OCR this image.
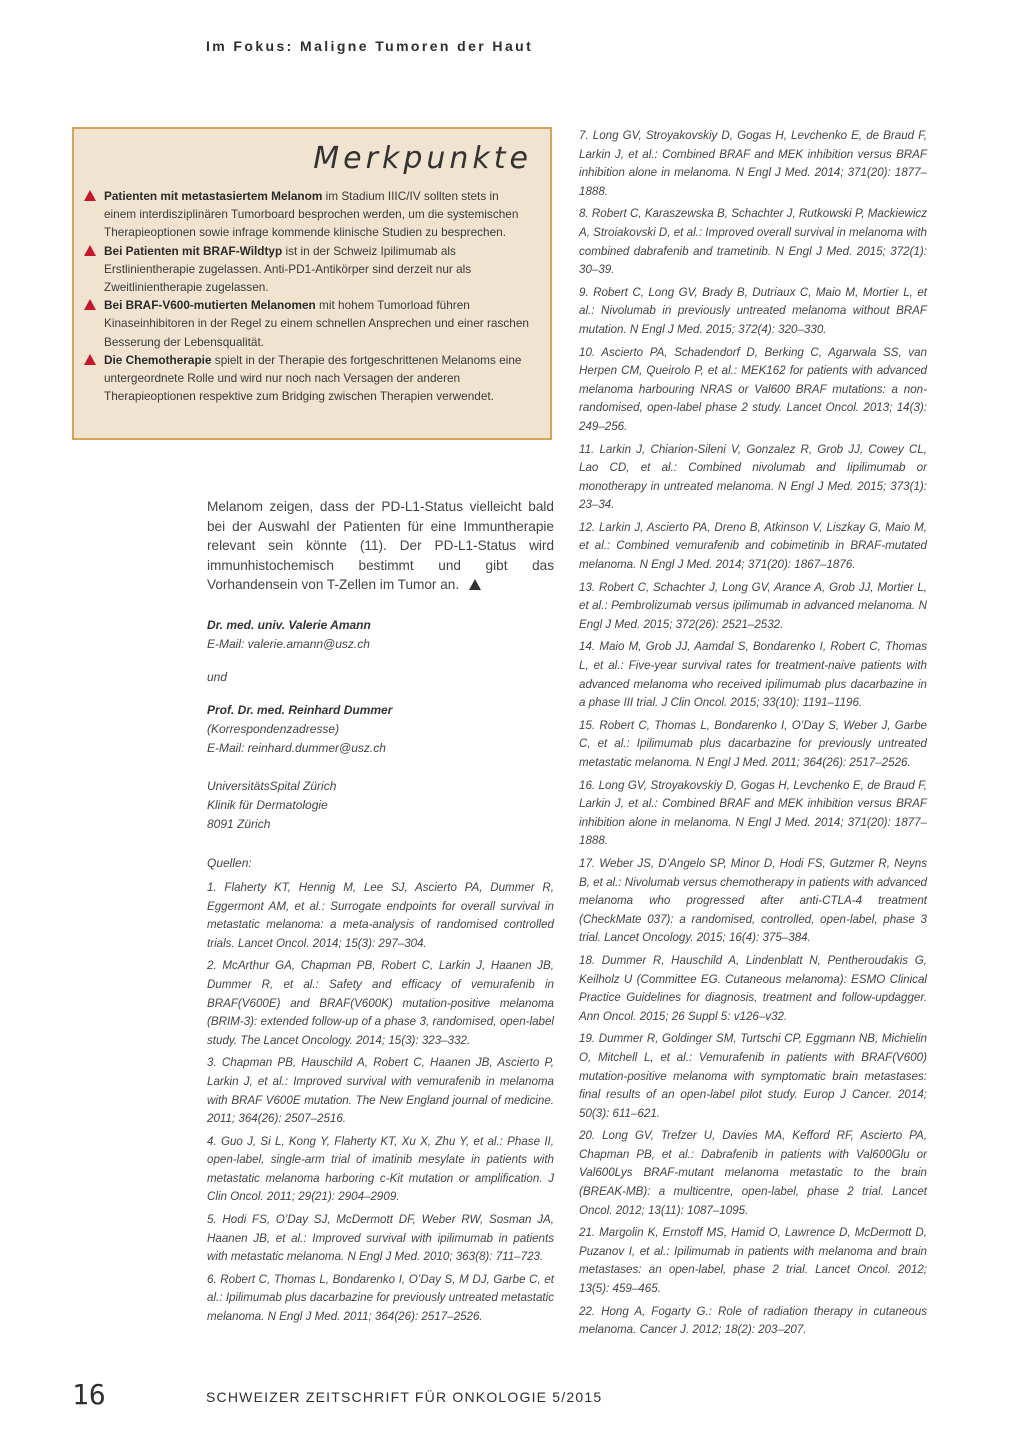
Im Fokus: Maligne Tumoren der Haut
Merkpunkte
Patienten mit metastasiertem Melanom im Stadium IIIC/IV sollten stets in einem interdisziplinären Tumorboard besprochen werden, um die systemischen Therapieoptionen sowie infrage kommende klinische Studien zu besprechen.
Bei Patienten mit BRAF-Wildtyp ist in der Schweiz Ipilimumab als Erstlinientherapie zugelassen. Anti-PD1-Antikörper sind derzeit nur als Zweitlinientherapie zugelassen.
Bei BRAF-V600-mutierten Melanomen mit hohem Tumorload führen Kinaseinhibitoren in der Regel zu einem schnellen Ansprechen und einer raschen Besserung der Lebensqualität.
Die Chemotherapie spielt in der Therapie des fortgeschrittenen Melanoms eine untergeordnete Rolle und wird nur noch nach Versagen der anderen Therapieoptionen respektive zum Bridging zwischen Therapien verwendet.

Melanom zeigen, dass der PD-L1-Status vielleicht bald bei der Auswahl der Patienten für eine Immuntherapie relevant sein könnte (11). Der PD-L1-Status wird immunhistochemisch bestimmt und gibt das Vorhandensein von T-Zellen im Tumor an.

Dr. med. univ. Valerie Amann

E-Mail: valerie.amann@usz.ch

und

Prof. Dr. med. Reinhard Dummer

(Korrespondenzadresse)

E-Mail: reinhard.dummer@usz.ch

UniversitätsSpital Zürich

Klinik für Dermatologie

8091 Zürich

Quellen:

1. Flaherty KT, Hennig M, Lee SJ, Ascierto PA, Dummer R, Eggermont AM, et al.: Surrogate endpoints for overall survival in metastatic melanoma: a meta-analysis of randomised controlled trials. Lancet Oncol. 2014; 15(3): 297–304.

2. McArthur GA, Chapman PB, Robert C, Larkin J, Haanen JB, Dummer R, et al.: Safety and efficacy of vemurafenib in BRAF(V600E) and BRAF(V600K) mutation-positive melanoma (BRIM-3): extended follow-up of a phase 3, randomised, open-label study. The Lancet Oncology. 2014; 15(3): 323–332.

3. Chapman PB, Hauschild A, Robert C, Haanen JB, Ascierto P, Larkin J, et al.: Improved survival with vemurafenib in melanoma with BRAF V600E mutation. The New England journal of medicine. 2011; 364(26): 2507–2516.

4. Guo J, Si L, Kong Y, Flaherty KT, Xu X, Zhu Y, et al.: Phase II, open-label, single-arm trial of imatinib mesylate in patients with metastatic melanoma harboring c-Kit mutation or amplification. J Clin Oncol. 2011; 29(21): 2904–2909.

5. Hodi FS, O’Day SJ, McDermott DF, Weber RW, Sosman JA, Haanen JB, et al.: Improved survival with ipilimumab in patients with metastatic melanoma. N Engl J Med. 2010; 363(8): 711–723.

6. Robert C, Thomas L, Bondarenko I, O’Day S, M DJ, Garbe C, et al.: Ipilimumab plus dacarbazine for previously untreated metastatic melanoma. N Engl J Med. 2011; 364(26): 2517–2526.

7. Long GV, Stroyakovskiy D, Gogas H, Levchenko E, de Braud F, Larkin J, et al.: Combined BRAF and MEK inhibition versus BRAF inhibition alone in melanoma. N Engl J Med. 2014; 371(20): 1877–1888.

8. Robert C, Karaszewska B, Schachter J, Rutkowski P, Mackiewicz A, Stroiakovski D, et al.: Improved overall survival in melanoma with combined dabrafenib and trametinib. N Engl J Med. 2015; 372(1): 30–39.

9. Robert C, Long GV, Brady B, Dutriaux C, Maio M, Mortier L, et al.: Nivolumab in previously untreated melanoma without BRAF mutation. N Engl J Med. 2015; 372(4): 320–330.

10. Ascierto PA, Schadendorf D, Berking C, Agarwala SS, van Herpen CM, Queirolo P, et al.: MEK162 for patients with advanced melanoma harbouring NRAS or Val600 BRAF mutations: a non-randomised, open-label phase 2 study. Lancet Oncol. 2013; 14(3): 249–256.

11. Larkin J, Chiarion-Sileni V, Gonzalez R, Grob JJ, Cowey CL, Lao CD, et al.: Combined nivolumab and Iipilimumab or monotherapy in untreated melanoma. N Engl J Med. 2015; 373(1): 23–34.

12. Larkin J, Ascierto PA, Dreno B, Atkinson V, Liszkay G, Maio M, et al.: Combined vemurafenib and cobimetinib in BRAF-mutated melanoma. N Engl J Med. 2014; 371(20): 1867–1876.

13. Robert C, Schachter J, Long GV, Arance A, Grob JJ, Mortier L, et al.: Pembrolizumab versus ipilimumab in advanced melanoma. N Engl J Med. 2015; 372(26): 2521–2532.

14. Maio M, Grob JJ, Aamdal S, Bondarenko I, Robert C, Thomas L, et al.: Five-year survival rates for treatment-naive patients with advanced melanoma who received ipilimumab plus dacarbazine in a phase III trial. J Clin Oncol. 2015; 33(10): 1191–1196.

15. Robert C, Thomas L, Bondarenko I, O’Day S, Weber J, Garbe C, et al.: Ipilimumab plus dacarbazine for previously untreated metastatic melanoma. N Engl J Med. 2011; 364(26): 2517–2526.

16. Long GV, Stroyakovskiy D, Gogas H, Levchenko E, de Braud F, Larkin J, et al.: Combined BRAF and MEK inhibition versus BRAF inhibition alone in melanoma. N Engl J Med. 2014; 371(20): 1877–1888.

17. Weber JS, D’Angelo SP, Minor D, Hodi FS, Gutzmer R, Neyns B, et al.: Nivolumab versus chemotherapy in patients with advanced melanoma who progressed after anti-CTLA-4 treatment (CheckMate 037): a randomised, controlled, open-label, phase 3 trial. Lancet Oncology. 2015; 16(4): 375–384.

18. Dummer R, Hauschild A, Lindenblatt N, Pentheroudakis G, Keilholz U (Committee EG. Cutaneous melanoma): ESMO Clinical Practice Guidelines for diagnosis, treatment and follow-updagger. Ann Oncol. 2015; 26 Suppl 5: v126–v32.

19. Dummer R, Goldinger SM, Turtschi CP, Eggmann NB, Michielin O, Mitchell L, et al.: Vemurafenib in patients with BRAF(V600) mutation-positive melanoma with symptomatic brain metastases: final results of an open-label pilot study. Europ J Cancer. 2014; 50(3): 611–621.

20. Long GV, Trefzer U, Davies MA, Kefford RF, Ascierto PA, Chapman PB, et al.: Dabrafenib in patients with Val600Glu or Val600Lys BRAF-mutant melanoma metastatic to the brain (BREAK-MB): a multicentre, open-label, phase 2 trial. Lancet Oncol. 2012; 13(11): 1087–1095.

21. Margolin K, Ernstoff MS, Hamid O, Lawrence D, McDermott D, Puzanov I, et al.: Ipilimumab in patients with melanoma and brain metastases: an open-label, phase 2 trial. Lancet Oncol. 2012; 13(5): 459–465.

22. Hong A, Fogarty G.: Role of radiation therapy in cutaneous melanoma. Cancer J. 2012; 18(2): 203–207.

16	SCHWEIZER ZEITSCHRIFT FÜR ONKOLOGIE 5/2015
